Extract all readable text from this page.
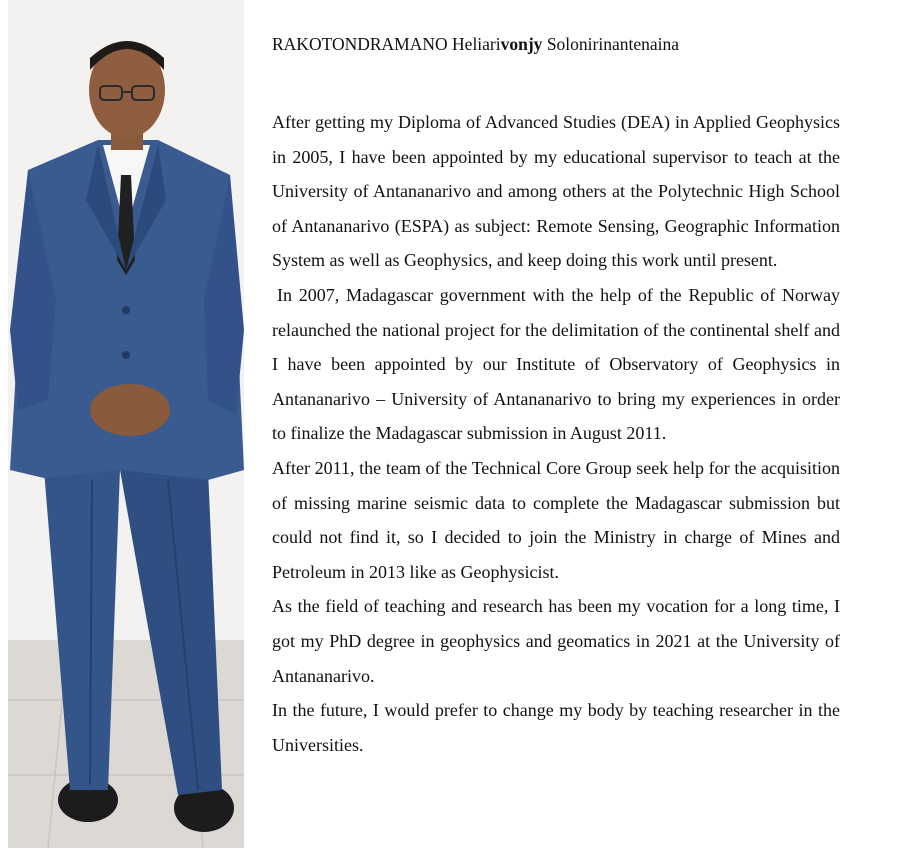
RAKOTONDRAMANO Heliarivonjy Solonirinantenaina

After getting my Diploma of Advanced Studies (DEA) in Applied Geophysics in 2005, I have been appointed by my educational supervisor to teach at the University of Antananarivo and among others at the Polytechnic High School of Antananarivo (ESPA) as subject: Remote Sensing, Geographic Information System as well as Geophysics, and keep doing this work until present.

In 2007, Madagascar government with the help of the Republic of Norway relaunched the national project for the delimitation of the continental shelf and I have been appointed by our Institute of Observatory of Geophysics in Antananarivo – University of Antananarivo to bring my experiences in order to finalize the Madagascar submission in August 2011.

After 2011, the team of the Technical Core Group seek help for the acquisition of missing marine seismic data to complete the Madagascar submission but could not find it, so I decided to join the Ministry in charge of Mines and Petroleum in 2013 like as Geophysicist.

As the field of teaching and research has been my vocation for a long time, I got my PhD degree in geophysics and geomatics in 2021 at the University of Antananarivo.

In the future, I would prefer to change my body by teaching researcher in the Universities.
